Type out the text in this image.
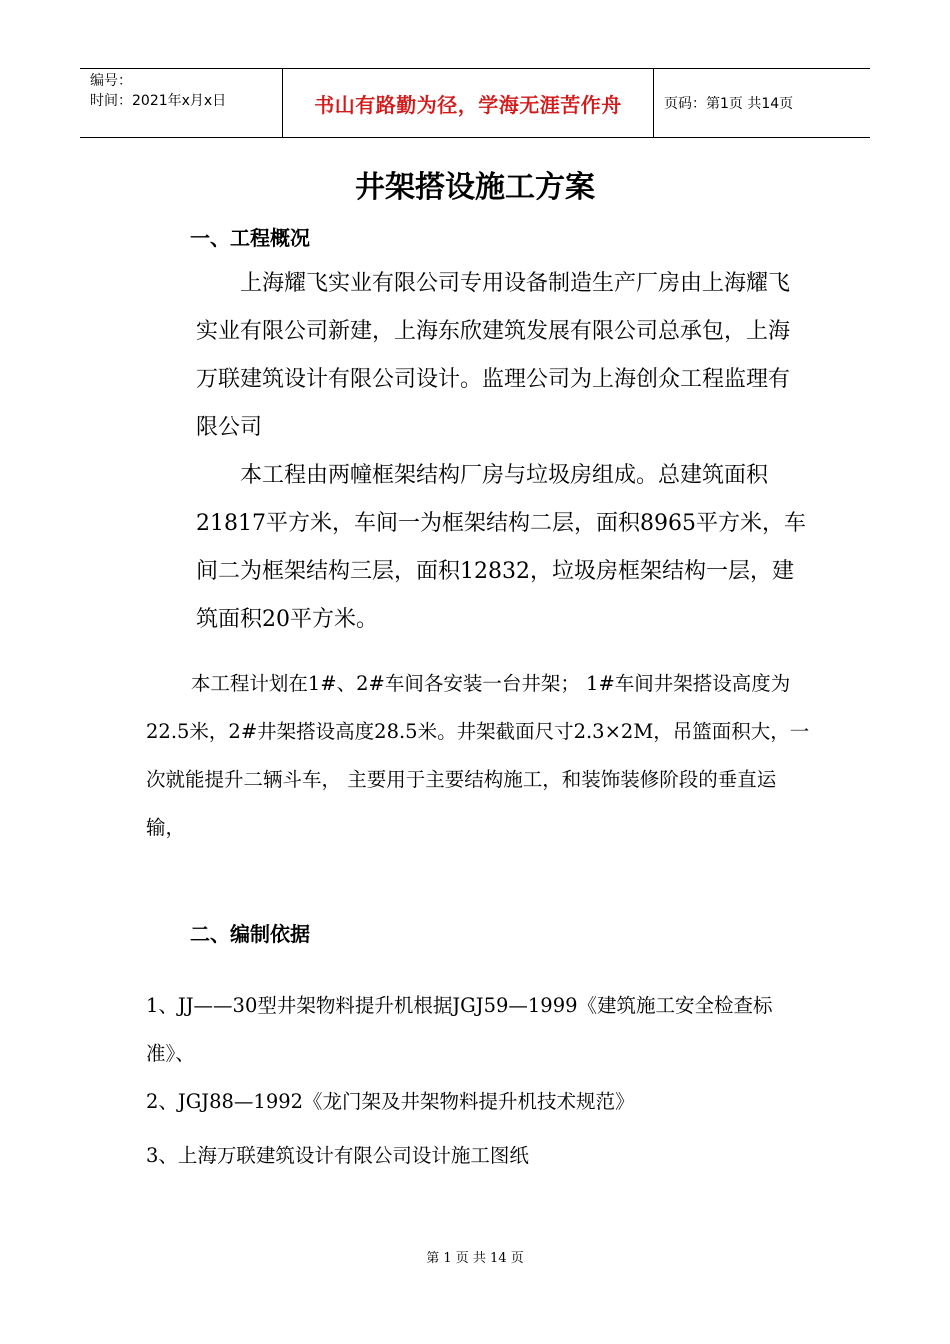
编号：
时间：2021年x月x日	书山有路勤为径，学海无涯苦作舟	页码：第1页 共14页
井架搭设施工方案
一、工程概况

上海耀飞实业有限公司专用设备制造生产厂房由上海耀飞实业有限公司新建，上海东欣建筑发展有限公司总承包，上海万联建筑设计有限公司设计。监理公司为上海创众工程监理有限公司

本工程由两幢框架结构厂房与垃圾房组成。总建筑面积21817平方米，车间一为框架结构二层，面积8965平方米，车间二为框架结构三层，面积12832，垃圾房框架结构一层，建筑面积20平方米。

本工程计划在1#、2#车间各安装一台井架； 1#车间井架搭设高度为22.5米，2#井架搭设高度28.5米。井架截面尺寸2.3×2M，吊篮面积大，一次就能提升二辆斗车， 主要用于主要结构施工，和装饰装修阶段的垂直运输，

二、编制依据
1、JJ——30型井架物料提升机根据JGJ59—1999《建筑施工安全检查标准》、
2、JGJ88—1992《龙门架及井架物料提升机技术规范》
3、上海万联建筑设计有限公司设计施工图纸
第 1 页 共 14 页
